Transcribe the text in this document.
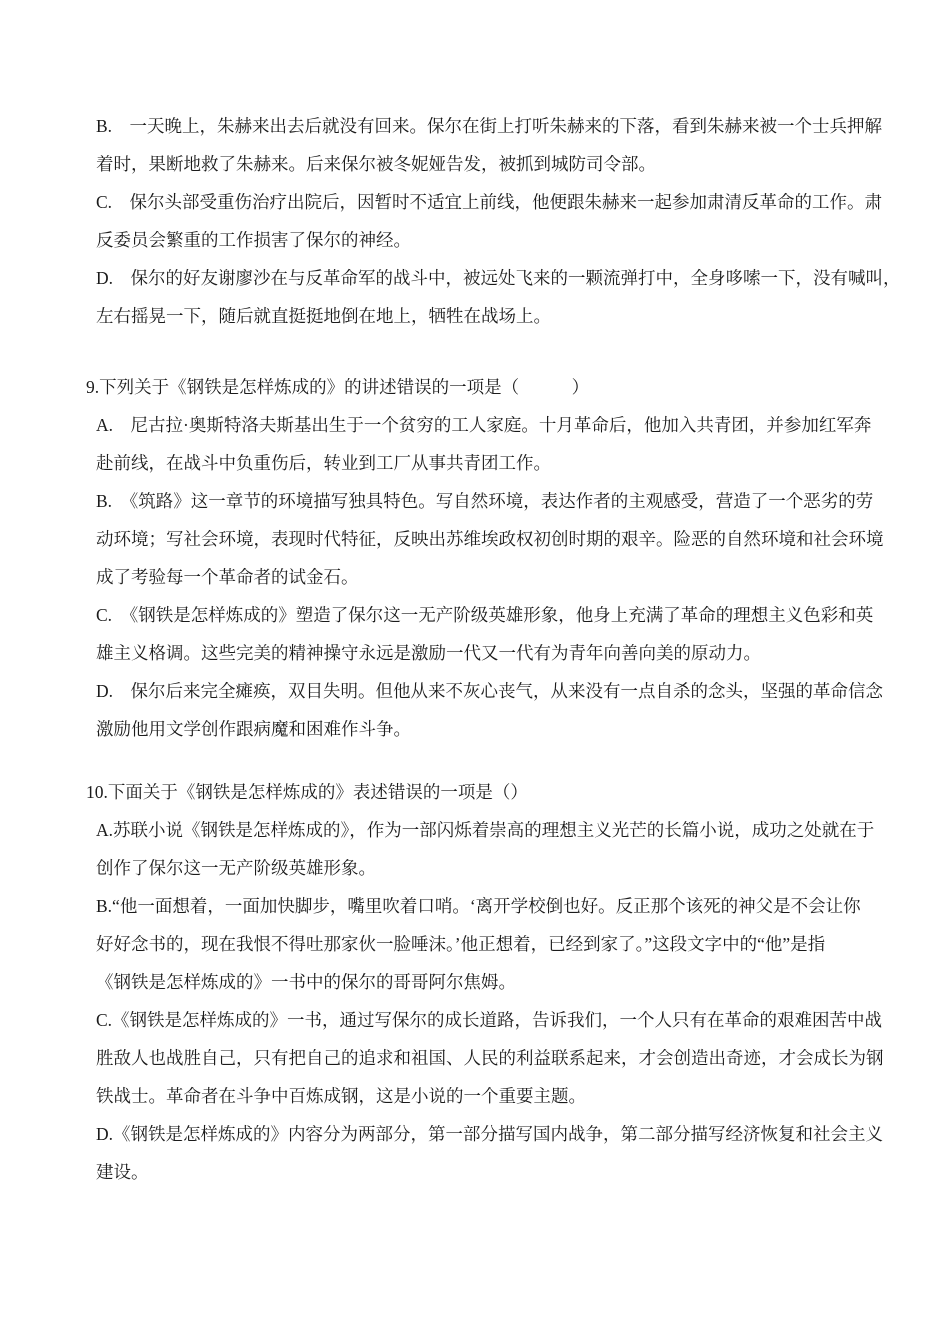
B.　一天晚上，朱赫来出去后就没有回来。保尔在街上打听朱赫来的下落，看到朱赫来被一个士兵押解
着时，果断地救了朱赫来。后来保尔被冬妮娅告发，被抓到城防司令部。
C.　保尔头部受重伤治疗出院后，因暂时不适宜上前线，他便跟朱赫来一起参加肃清反革命的工作。肃
反委员会繁重的工作损害了保尔的神经。
D.　保尔的好友谢廖沙在与反革命军的战斗中，被远处飞来的一颗流弹打中，全身哆嗦一下，没有喊叫，
左右摇晃一下，随后就直挺挺地倒在地上，牺牲在战场上。
9.下列关于《钢铁是怎样炼成的》的讲述错误的一项是（　　　）
A.　尼古拉·奥斯特洛夫斯基出生于一个贫穷的工人家庭。十月革命后，他加入共青团，并参加红军奔
赴前线，在战斗中负重伤后，转业到工厂从事共青团工作。
B.　《筑路》这一章节的环境描写独具特色。写自然环境，表达作者的主观感受，营造了一个恶劣的劳
动环境；写社会环境，表现时代特征，反映出苏维埃政权初创时期的艰辛。险恶的自然环境和社会环境
成了考验每一个革命者的试金石。
C.　《钢铁是怎样炼成的》塑造了保尔这一无产阶级英雄形象，他身上充满了革命的理想主义色彩和英
雄主义格调。这些完美的精神操守永远是激励一代又一代有为青年向善向美的原动力。
D.　保尔后来完全瘫痪，双目失明。但他从来不灰心丧气，从来没有一点自杀的念头，坚强的革命信念
激励他用文学创作跟病魔和困难作斗争。
10.下面关于《钢铁是怎样炼成的》表述错误的一项是（）
A.苏联小说《钢铁是怎样炼成的》，作为一部闪烁着崇高的理想主义光芒的长篇小说，成功之处就在于
创作了保尔这一无产阶级英雄形象。
B.“他一面想着，一面加快脚步，嘴里吹着口哨。‘离开学校倒也好。反正那个该死的神父是不会让你
好好念书的，现在我恨不得吐那家伙一脸唾沫。’他正想着，已经到家了。”这段文字中的“他”是指
《钢铁是怎样炼成的》一书中的保尔的哥哥阿尔焦姆。
C.《钢铁是怎样炼成的》一书，通过写保尔的成长道路，告诉我们，一个人只有在革命的艰难困苦中战
胜敌人也战胜自己，只有把自己的追求和祖国、人民的利益联系起来，才会创造出奇迹，才会成长为钢
铁战士。革命者在斗争中百炼成钢，这是小说的一个重要主题。
D.《钢铁是怎样炼成的》内容分为两部分，第一部分描写国内战争，第二部分描写经济恢复和社会主义
建设。
